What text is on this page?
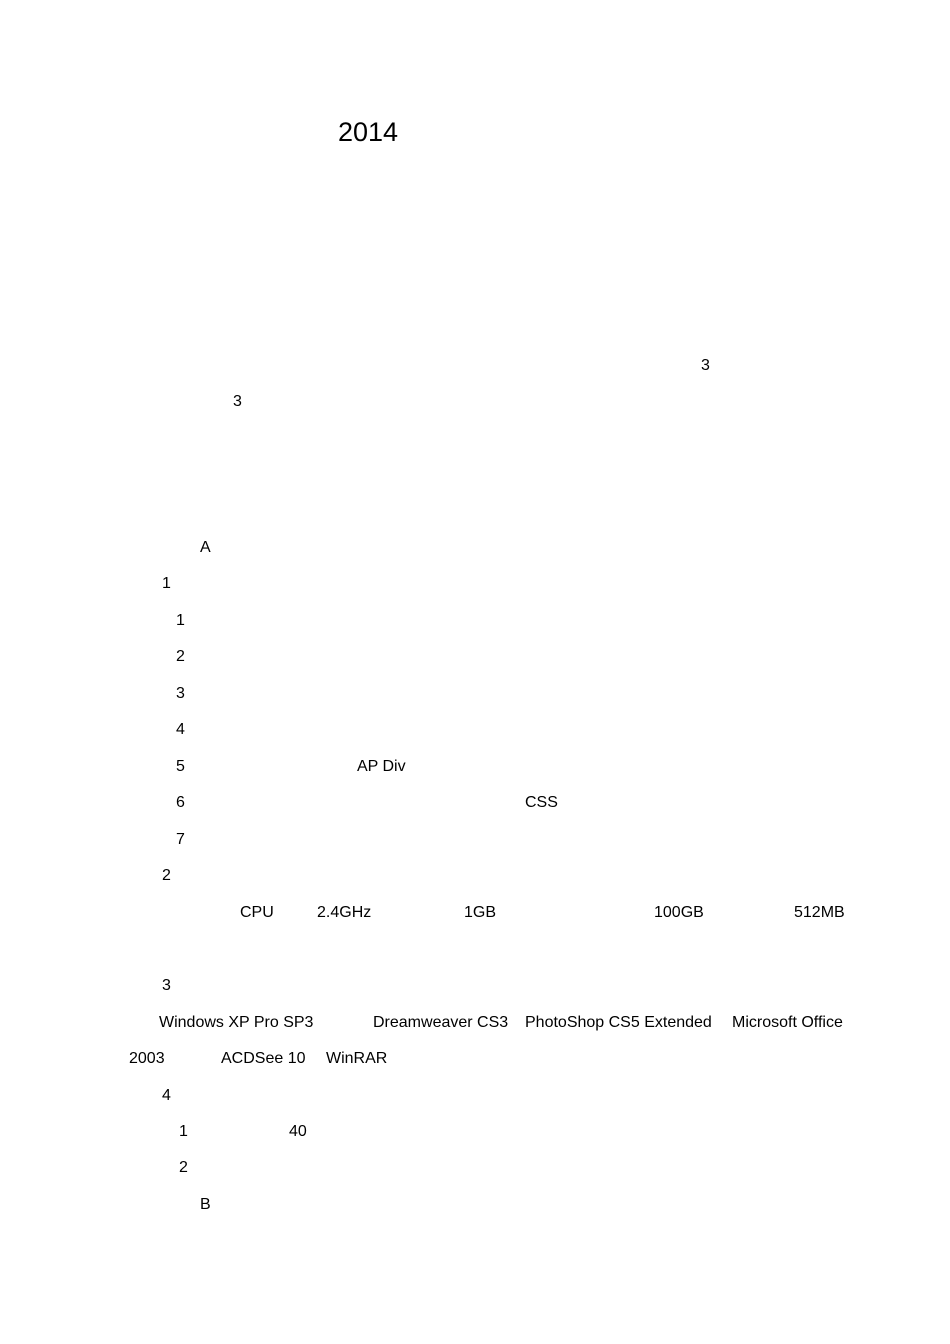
2014
3
3
A
1
1
2
3
4
5	AP Div
6	CSS
7
2
CPU	2.4GHz	1GB	100GB	512MB
3
Windows XP Pro SP3	Dreamweaver CS3 PhotoShop CS5 Extended Microsoft Office
2003	ACDSee 10 WinRAR
4
1	40
2
B
